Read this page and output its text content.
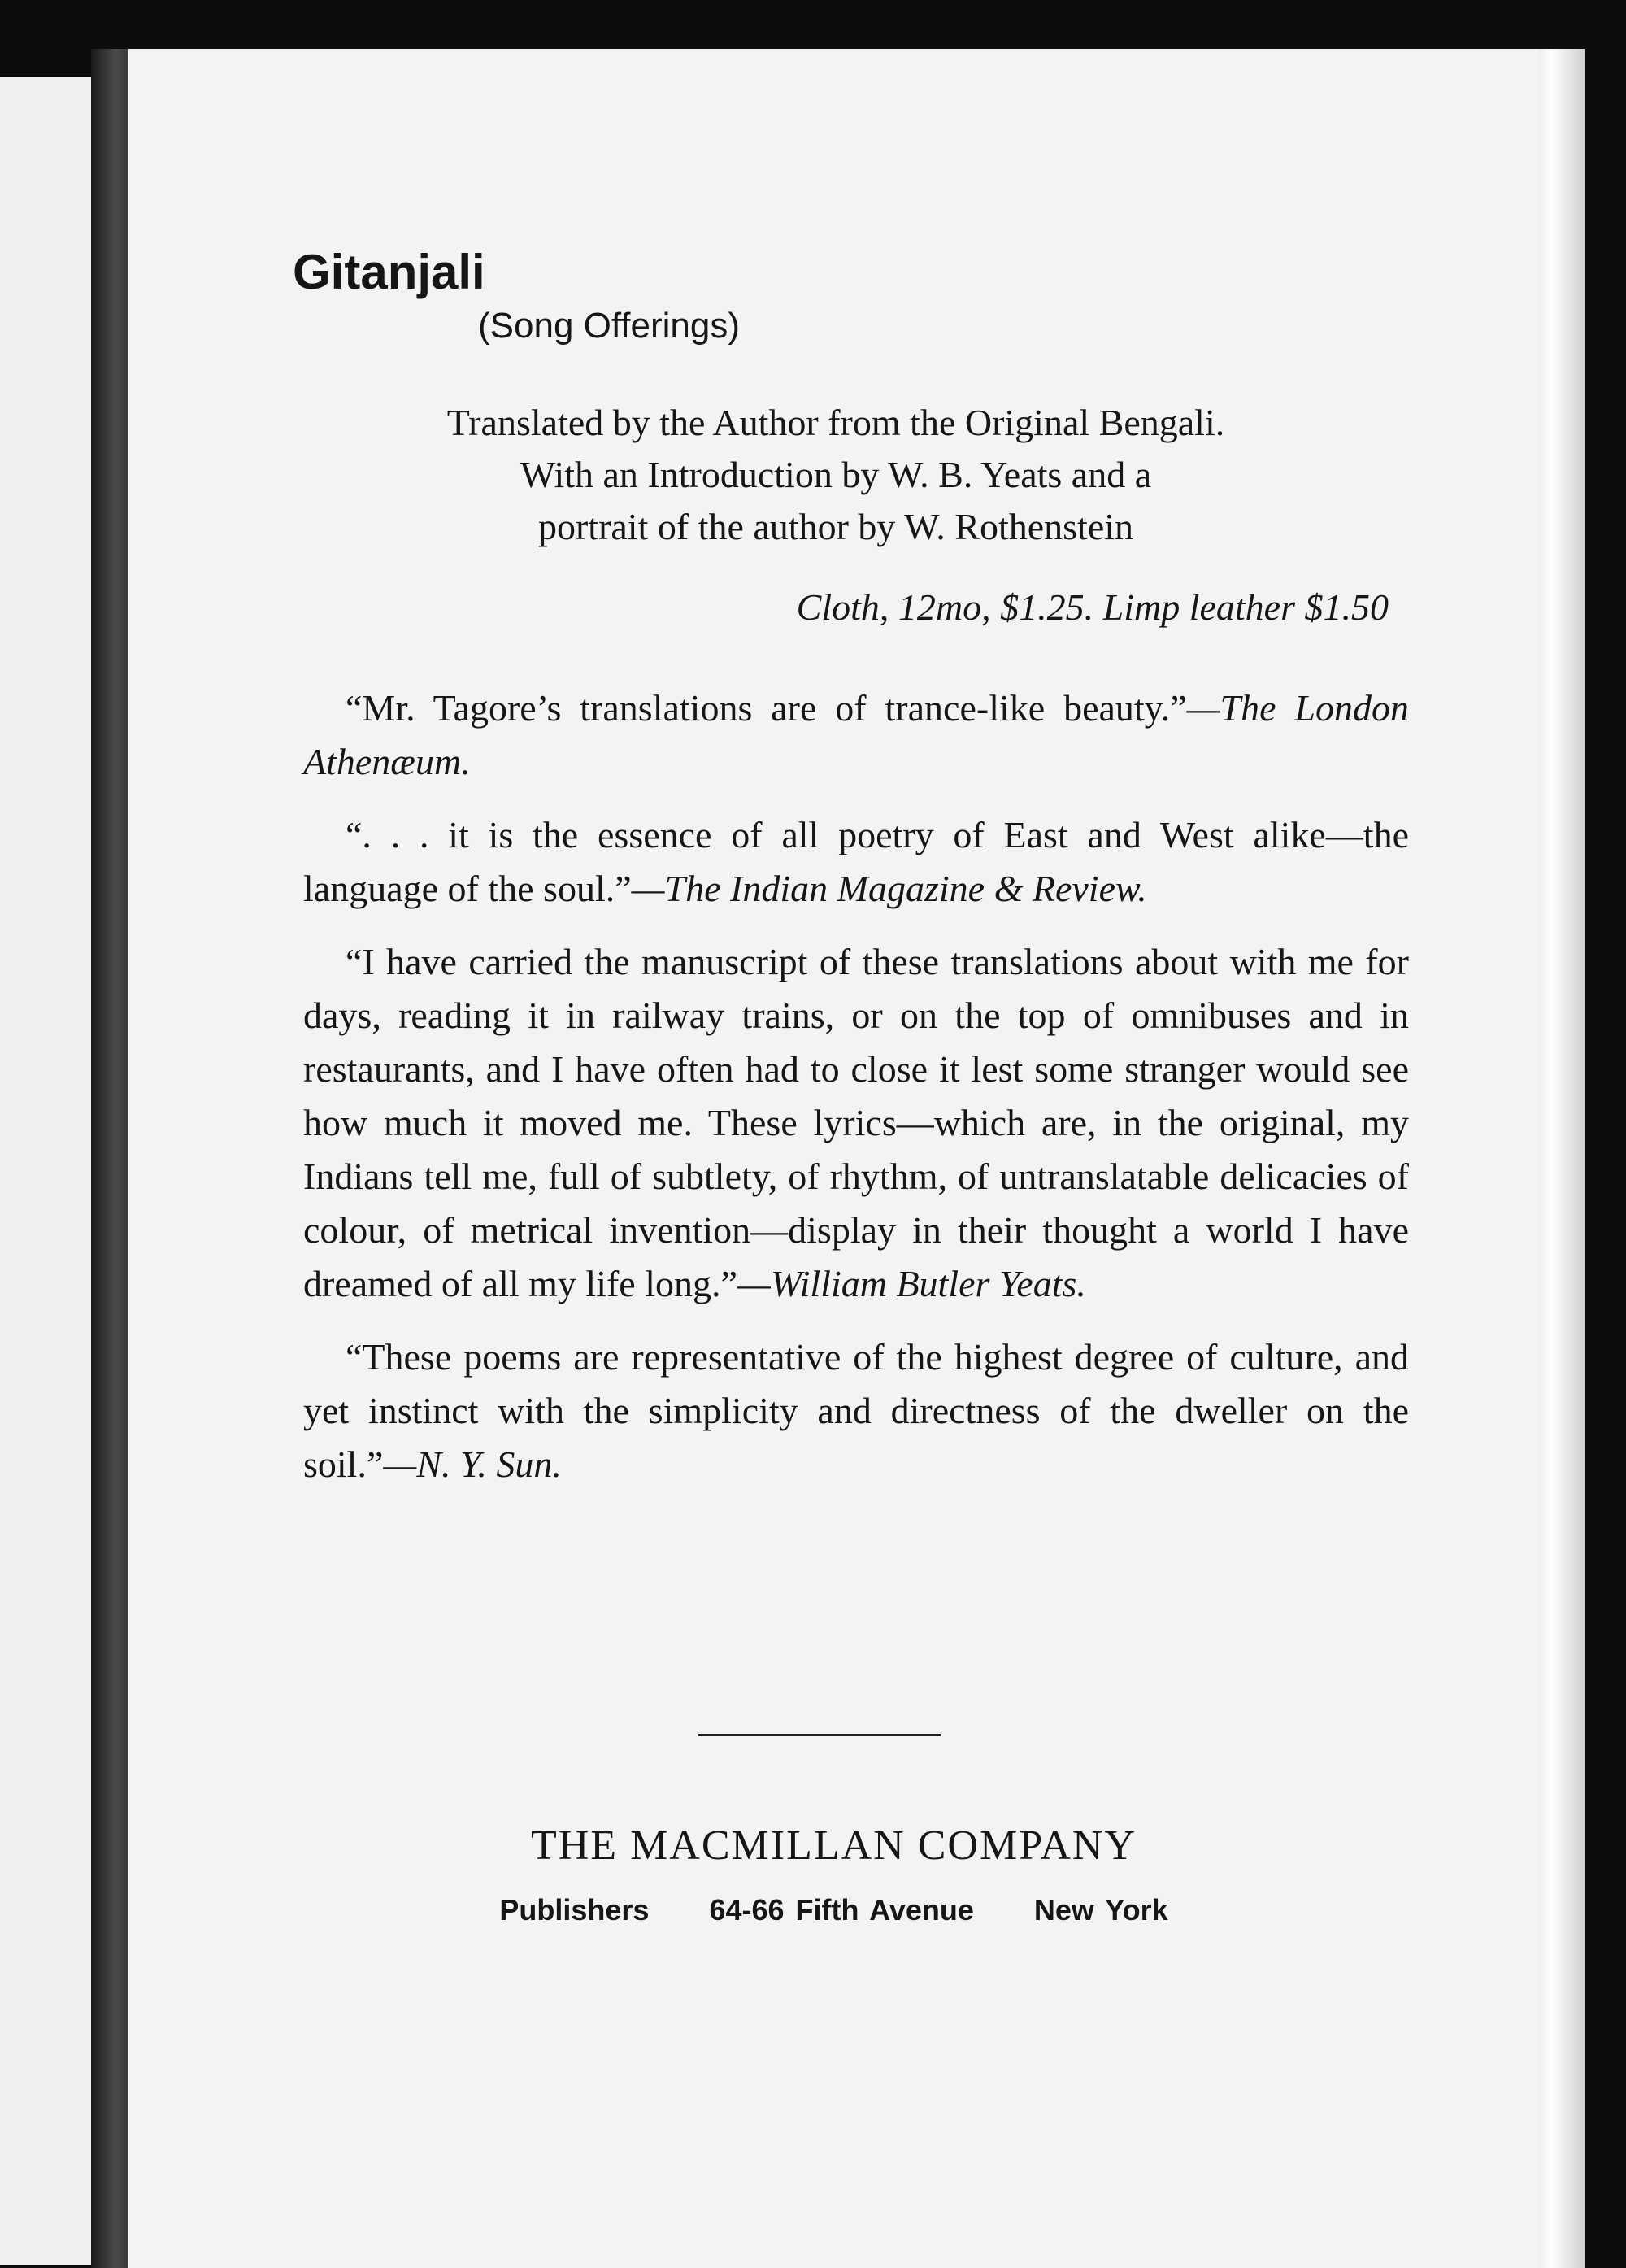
Gitanjali
(Song Offerings)
Translated by the Author from the Original Bengali.
With an Introduction by W. B. Yeats and a
portrait of the author by W. Rothenstein
Cloth, 12mo, $1.25. Limp leather $1.50

“Mr. Tagore’s translations are of trance-like beauty.”—The London Athenæum.

“. . . it is the essence of all poetry of East and West alike—the language of the soul.”—The Indian Magazine & Review.

“I have carried the manuscript of these translations about with me for days, reading it in railway trains, or on the top of omnibuses and in restaurants, and I have often had to close it lest some stranger would see how much it moved me. These lyrics—which are, in the original, my Indians tell me, full of subtlety, of rhythm, of untranslatable delicacies of colour, of metrical invention—display in their thought a world I have dreamed of all my life long.”—William Butler Yeats.

“These poems are representative of the highest degree of culture, and yet instinct with the simplicity and directness of the dweller on the soil.”—N. Y. Sun.

THE MACMILLAN COMPANY
Publishers 64-66 Fifth Avenue New York
